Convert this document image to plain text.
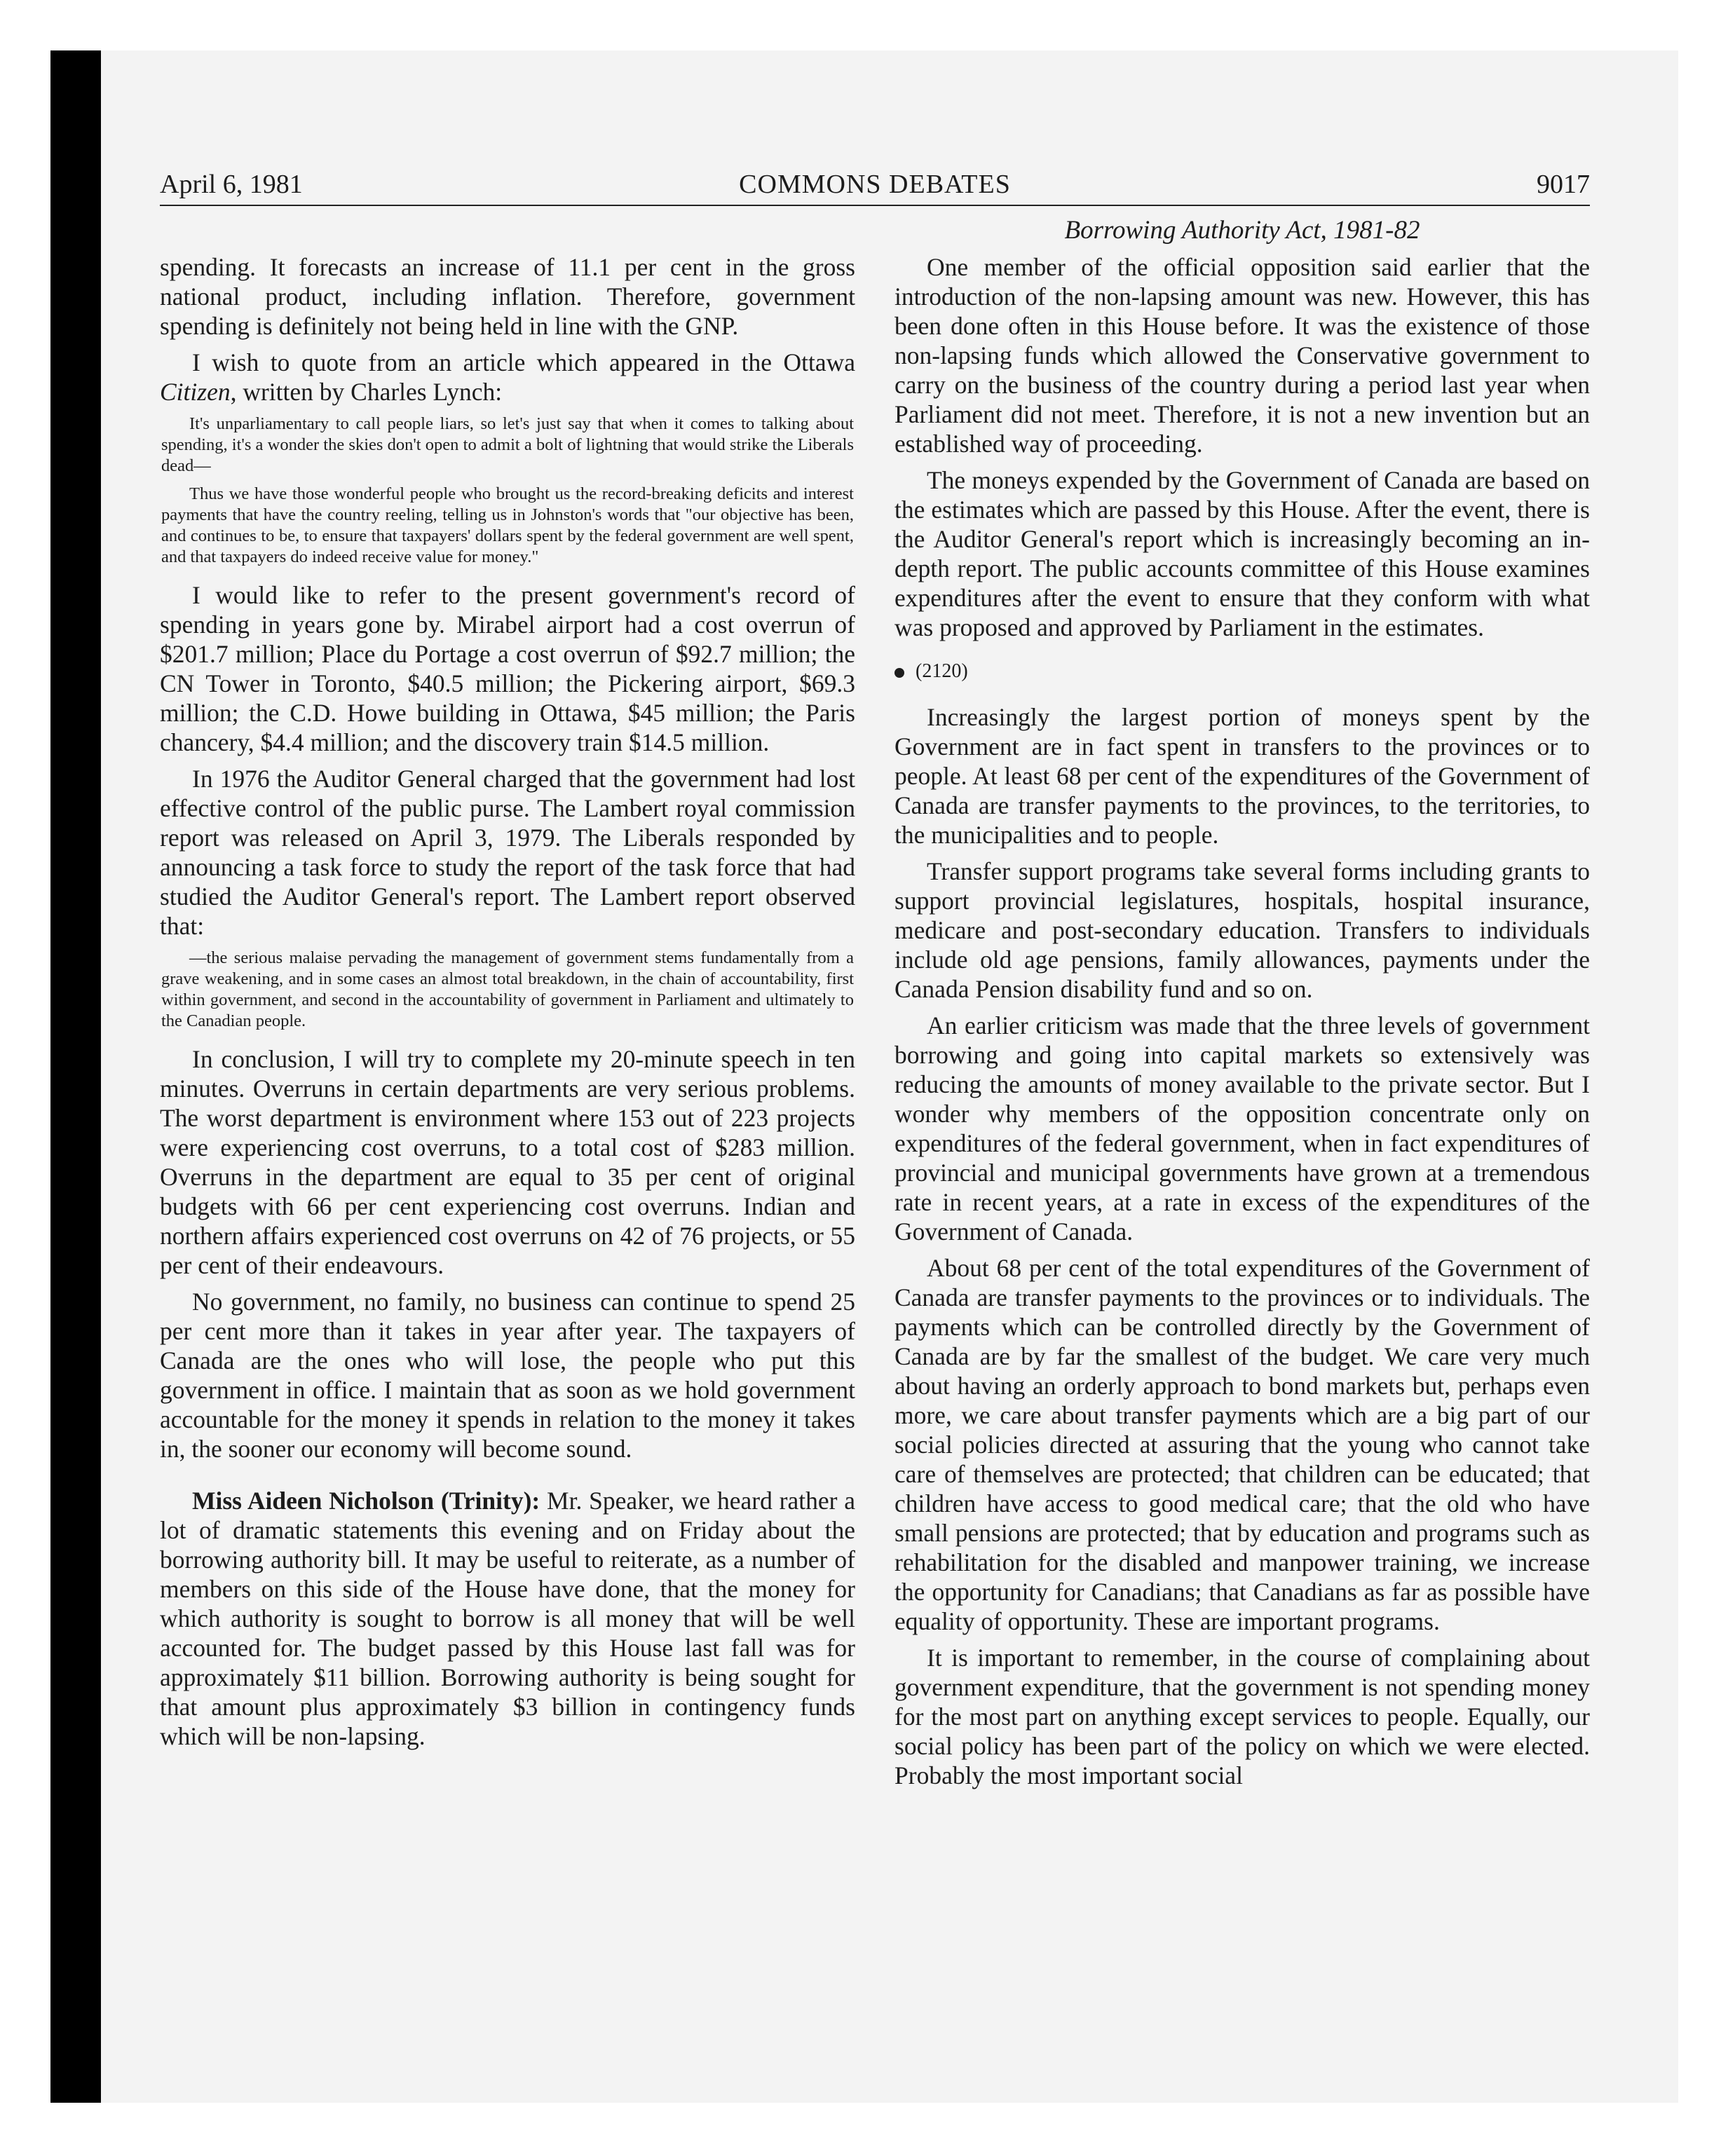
April 6, 1981	COMMONS DEBATES	9017
Borrowing Authority Act, 1981-82

spending. It forecasts an increase of 11.1 per cent in the gross national product, including inflation. Therefore, government spending is definitely not being held in line with the GNP.

I wish to quote from an article which appeared in the Ottawa Citizen, written by Charles Lynch:

It's unparliamentary to call people liars, so let's just say that when it comes to talking about spending, it's a wonder the skies don't open to admit a bolt of lightning that would strike the Liberals dead—

Thus we have those wonderful people who brought us the record-breaking deficits and interest payments that have the country reeling, telling us in Johnston's words that "our objective has been, and continues to be, to ensure that taxpayers' dollars spent by the federal government are well spent, and that taxpayers do indeed receive value for money."

I would like to refer to the present government's record of spending in years gone by. Mirabel airport had a cost overrun of $201.7 million; Place du Portage a cost overrun of $92.7 million; the CN Tower in Toronto, $40.5 million; the Pickering airport, $69.3 million; the C.D. Howe building in Ottawa, $45 million; the Paris chancery, $4.4 million; and the discovery train $14.5 million.

In 1976 the Auditor General charged that the government had lost effective control of the public purse. The Lambert royal commission report was released on April 3, 1979. The Liberals responded by announcing a task force to study the report of the task force that had studied the Auditor General's report. The Lambert report observed that:

—the serious malaise pervading the management of government stems fundamentally from a grave weakening, and in some cases an almost total breakdown, in the chain of accountability, first within government, and second in the accountability of government in Parliament and ultimately to the Canadian people.

In conclusion, I will try to complete my 20-minute speech in ten minutes. Overruns in certain departments are very serious problems. The worst department is environment where 153 out of 223 projects were experiencing cost overruns, to a total cost of $283 million. Overruns in the department are equal to 35 per cent of original budgets with 66 per cent experiencing cost overruns. Indian and northern affairs experienced cost overruns on 42 of 76 projects, or 55 per cent of their endeavours.

No government, no family, no business can continue to spend 25 per cent more than it takes in year after year. The taxpayers of Canada are the ones who will lose, the people who put this government in office. I maintain that as soon as we hold government accountable for the money it spends in relation to the money it takes in, the sooner our economy will become sound.

Miss Aideen Nicholson (Trinity): Mr. Speaker, we heard rather a lot of dramatic statements this evening and on Friday about the borrowing authority bill. It may be useful to reiterate, as a number of members on this side of the House have done, that the money for which authority is sought to borrow is all money that will be well accounted for. The budget passed by this House last fall was for approximately $11 billion. Borrowing authority is being sought for that amount plus approximately $3 billion in contingency funds which will be non-lapsing.

One member of the official opposition said earlier that the introduction of the non-lapsing amount was new. However, this has been done often in this House before. It was the existence of those non-lapsing funds which allowed the Conservative government to carry on the business of the country during a period last year when Parliament did not meet. Therefore, it is not a new invention but an established way of proceeding.

The moneys expended by the Government of Canada are based on the estimates which are passed by this House. After the event, there is the Auditor General's report which is increasingly becoming an in-depth report. The public accounts committee of this House examines expenditures after the event to ensure that they conform with what was proposed and approved by Parliament in the estimates.

(2120)

Increasingly the largest portion of moneys spent by the Government are in fact spent in transfers to the provinces or to people. At least 68 per cent of the expenditures of the Government of Canada are transfer payments to the provinces, to the territories, to the municipalities and to people.

Transfer support programs take several forms including grants to support provincial legislatures, hospitals, hospital insurance, medicare and post-secondary education. Transfers to individuals include old age pensions, family allowances, payments under the Canada Pension disability fund and so on.

An earlier criticism was made that the three levels of government borrowing and going into capital markets so extensively was reducing the amounts of money available to the private sector. But I wonder why members of the opposition concentrate only on expenditures of the federal government, when in fact expenditures of provincial and municipal governments have grown at a tremendous rate in recent years, at a rate in excess of the expenditures of the Government of Canada.

About 68 per cent of the total expenditures of the Government of Canada are transfer payments to the provinces or to individuals. The payments which can be controlled directly by the Government of Canada are by far the smallest of the budget. We care very much about having an orderly approach to bond markets but, perhaps even more, we care about transfer payments which are a big part of our social policies directed at assuring that the young who cannot take care of themselves are protected; that children can be educated; that children have access to good medical care; that the old who have small pensions are protected; that by education and programs such as rehabilitation for the disabled and manpower training, we increase the opportunity for Canadians; that Canadians as far as possible have equality of opportunity. These are important programs.

It is important to remember, in the course of complaining about government expenditure, that the government is not spending money for the most part on anything except services to people. Equally, our social policy has been part of the policy on which we were elected. Probably the most important social
